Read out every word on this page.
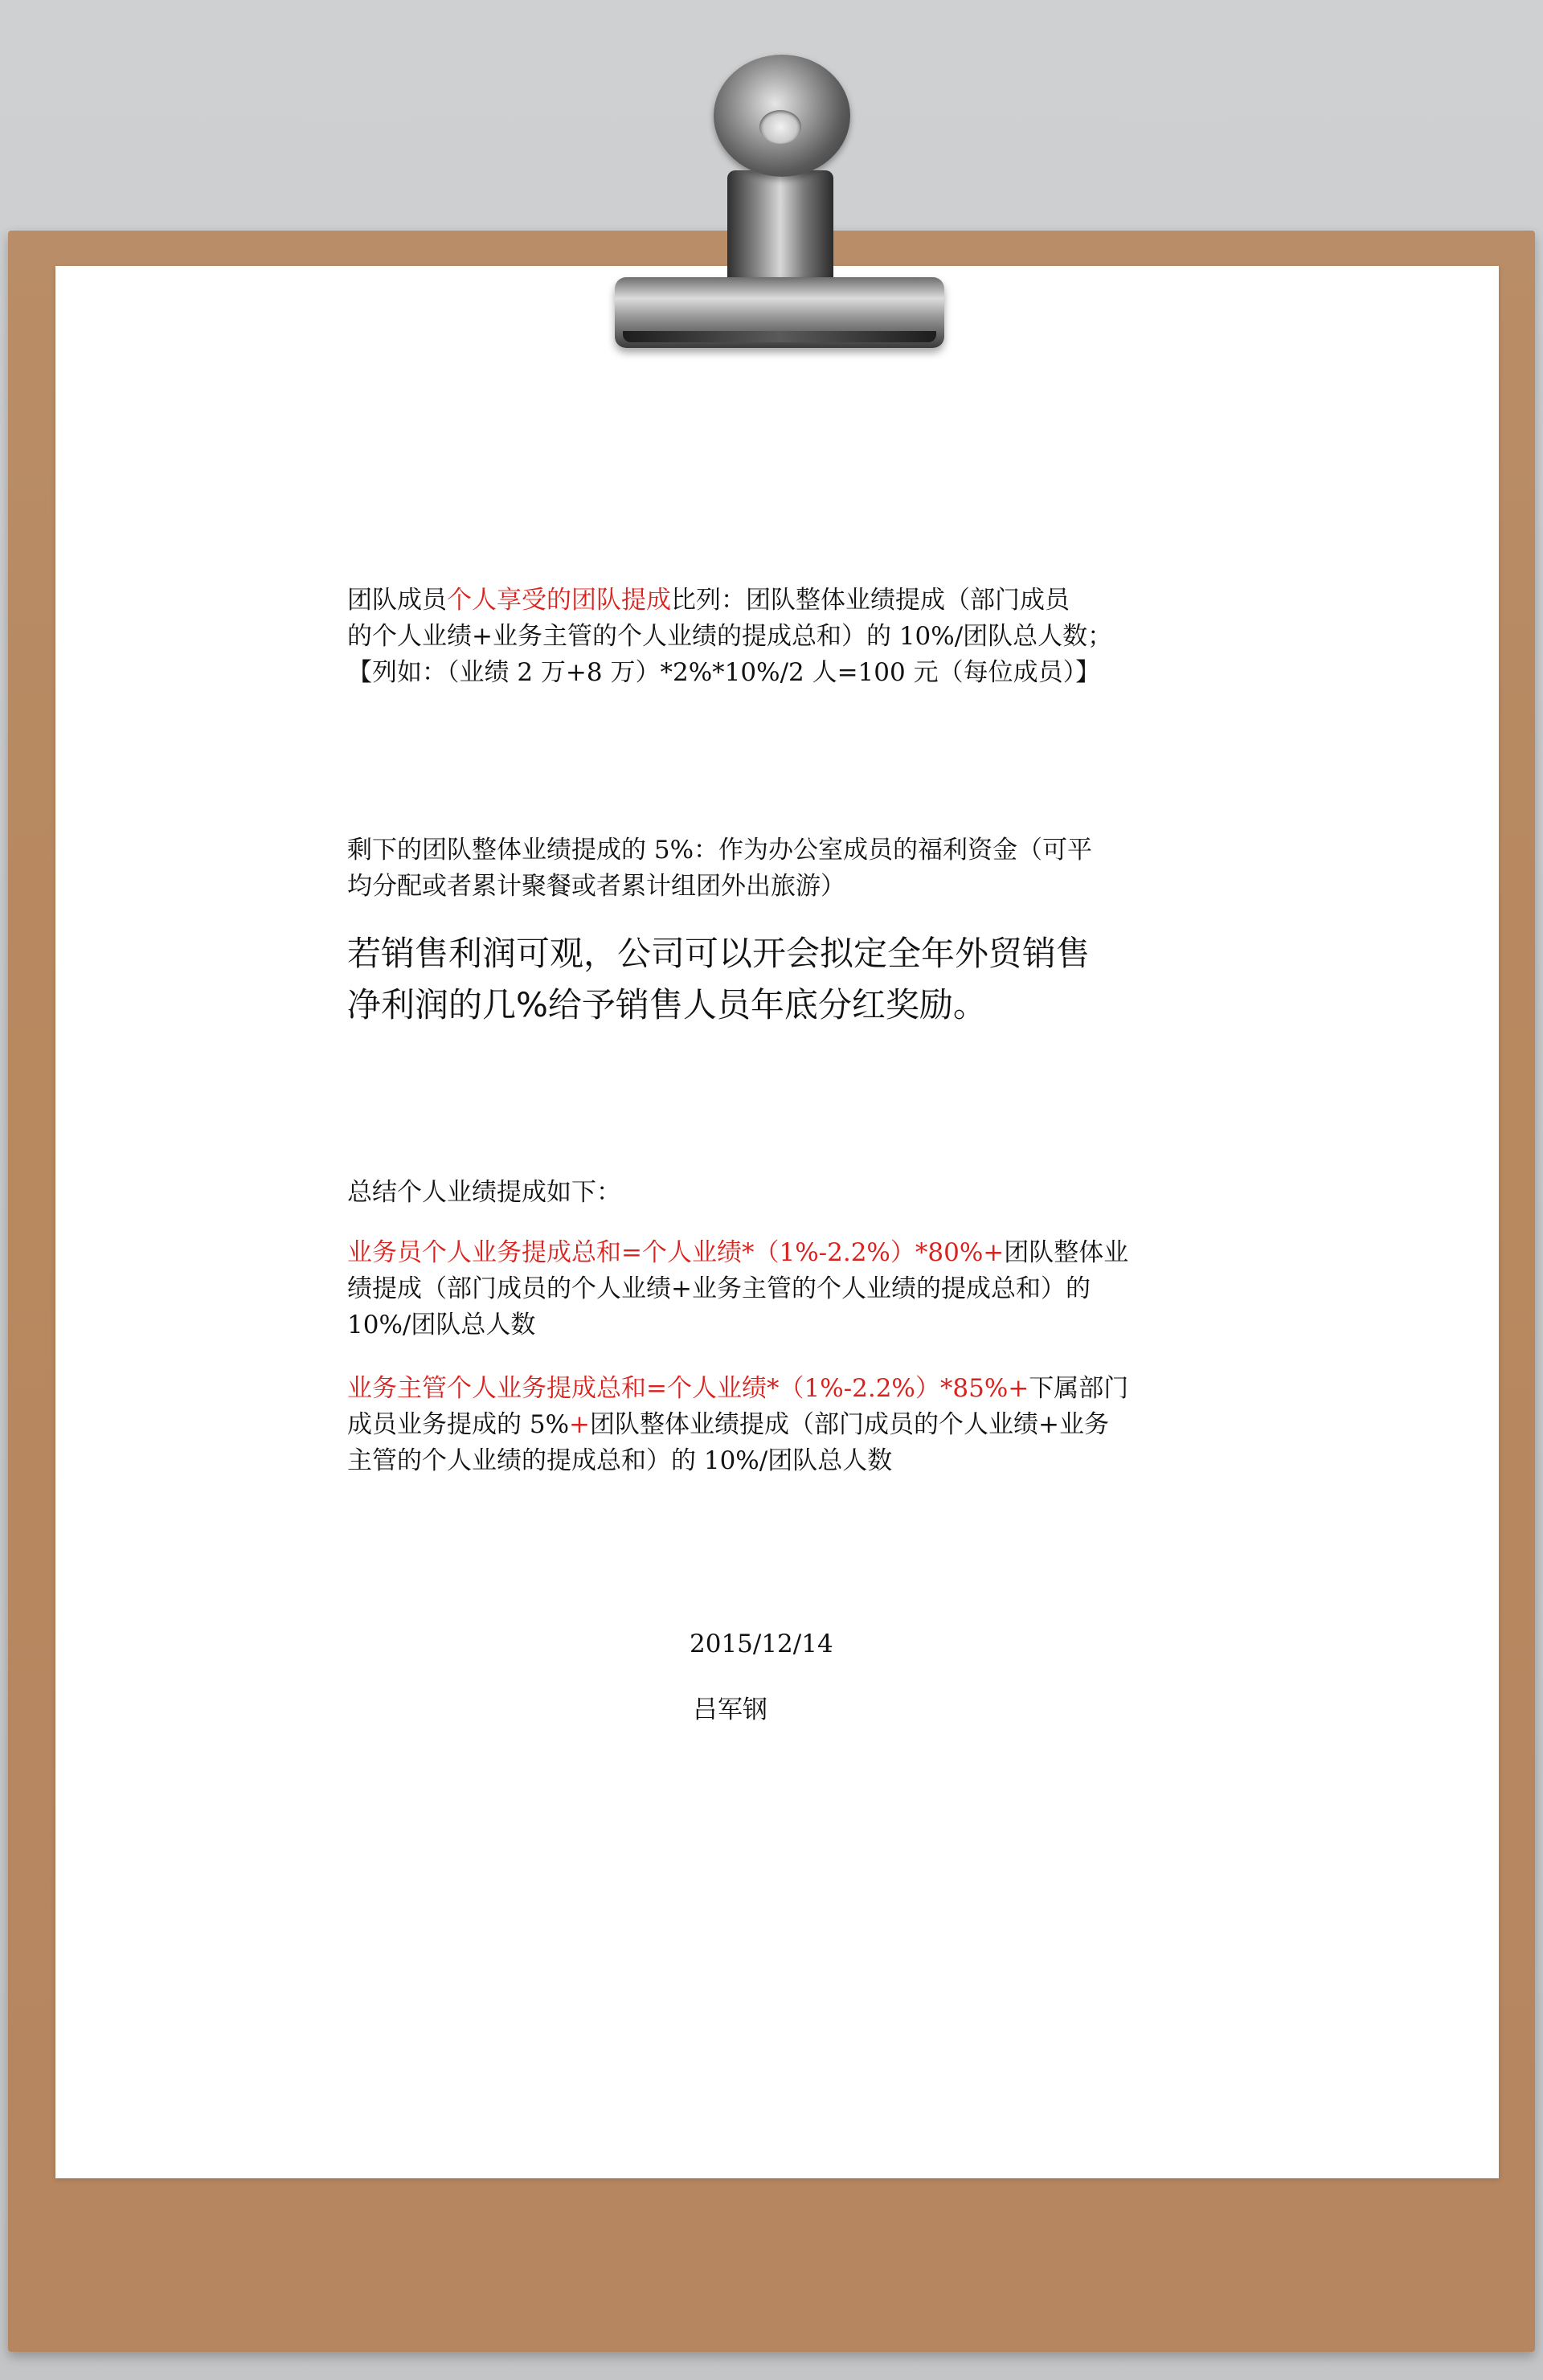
团队成员个人享受的团队提成比列：团队整体业绩提成（部门成员
的个人业绩+业务主管的个人业绩的提成总和）的 10%/团队总人数；
【列如：（业绩 2 万+8 万）*2%*10%/2 人=100 元（每位成员）】
剩下的团队整体业绩提成的 5%：作为办公室成员的福利资金（可平
均分配或者累计聚餐或者累计组团外出旅游）
若销售利润可观，公司可以开会拟定全年外贸销售
净利润的几%给予销售人员年底分红奖励。
总结个人业绩提成如下：
业务员个人业务提成总和=个人业绩*（1%-2.2%）*80%+团队整体业
绩提成（部门成员的个人业绩+业务主管的个人业绩的提成总和）的
10%/团队总人数
业务主管个人业务提成总和=个人业绩*（1%-2.2%）*85%+下属部门
成员业务提成的 5%+团队整体业绩提成（部门成员的个人业绩+业务
主管的个人业绩的提成总和）的 10%/团队总人数
2015/12/14
吕军钢
